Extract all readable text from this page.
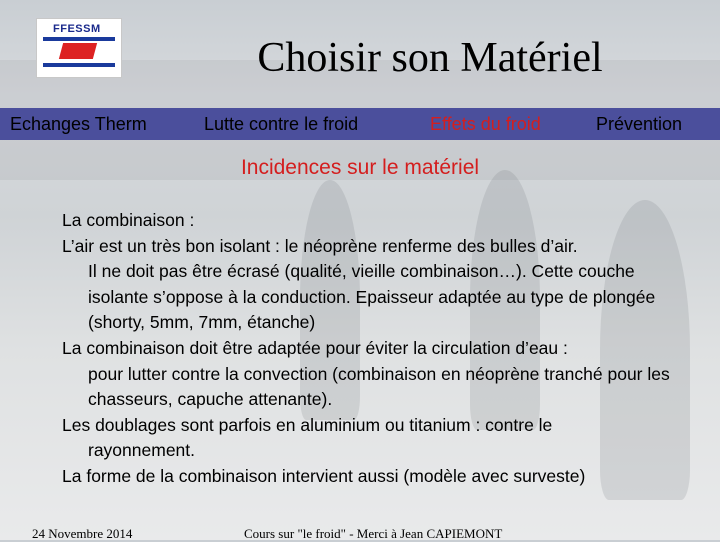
FFESSM
Choisir son Matériel
Echanges Therm	Lutte contre le froid	Effets du froid	Prévention
Incidences sur le matériel

La combinaison :

L’air est un très bon isolant : le néoprène renferme des bulles d’air.

Il ne doit pas être écrasé (qualité, vieille combinaison…). Cette couche isolante s’oppose à la conduction. Epaisseur adaptée au type de plongée (shorty, 5mm, 7mm, étanche)

La combinaison doit être adaptée pour éviter la circulation d’eau :

pour lutter contre la convection (combinaison en néoprène tranché pour les chasseurs, capuche attenante).

Les doublages sont parfois en aluminium ou titanium : contre le

rayonnement.

La forme de la combinaison intervient aussi (modèle avec surveste)

24 Novembre 2014	Cours sur "le froid" - Merci à Jean CAPIEMONT
